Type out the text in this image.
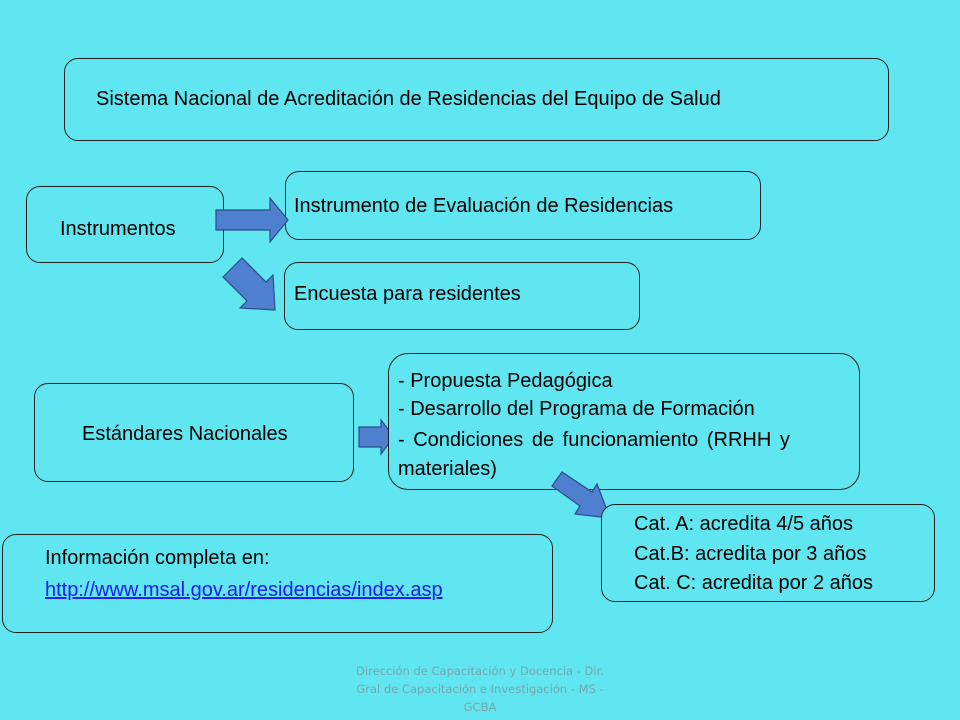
Sistema Nacional de Acreditación de Residencias del Equipo de Salud
Instrumentos
Instrumento de Evaluación de Residencias
Encuesta para residentes
Estándares Nacionales
- Propuesta Pedagógica
- Desarrollo del Programa de Formación
- Condiciones de funcionamiento (RRHH y
materiales)
Cat. A: acredita 4/5 años
Cat.B: acredita por 3 años
Cat. C: acredita por 2 años
Información completa en:
http://www.msal.gov.ar/residencias/index.asp
Dirección de Capacitación y Docencia - Dir.
Gral de Capacitación e Investigación - MS -
GCBA
